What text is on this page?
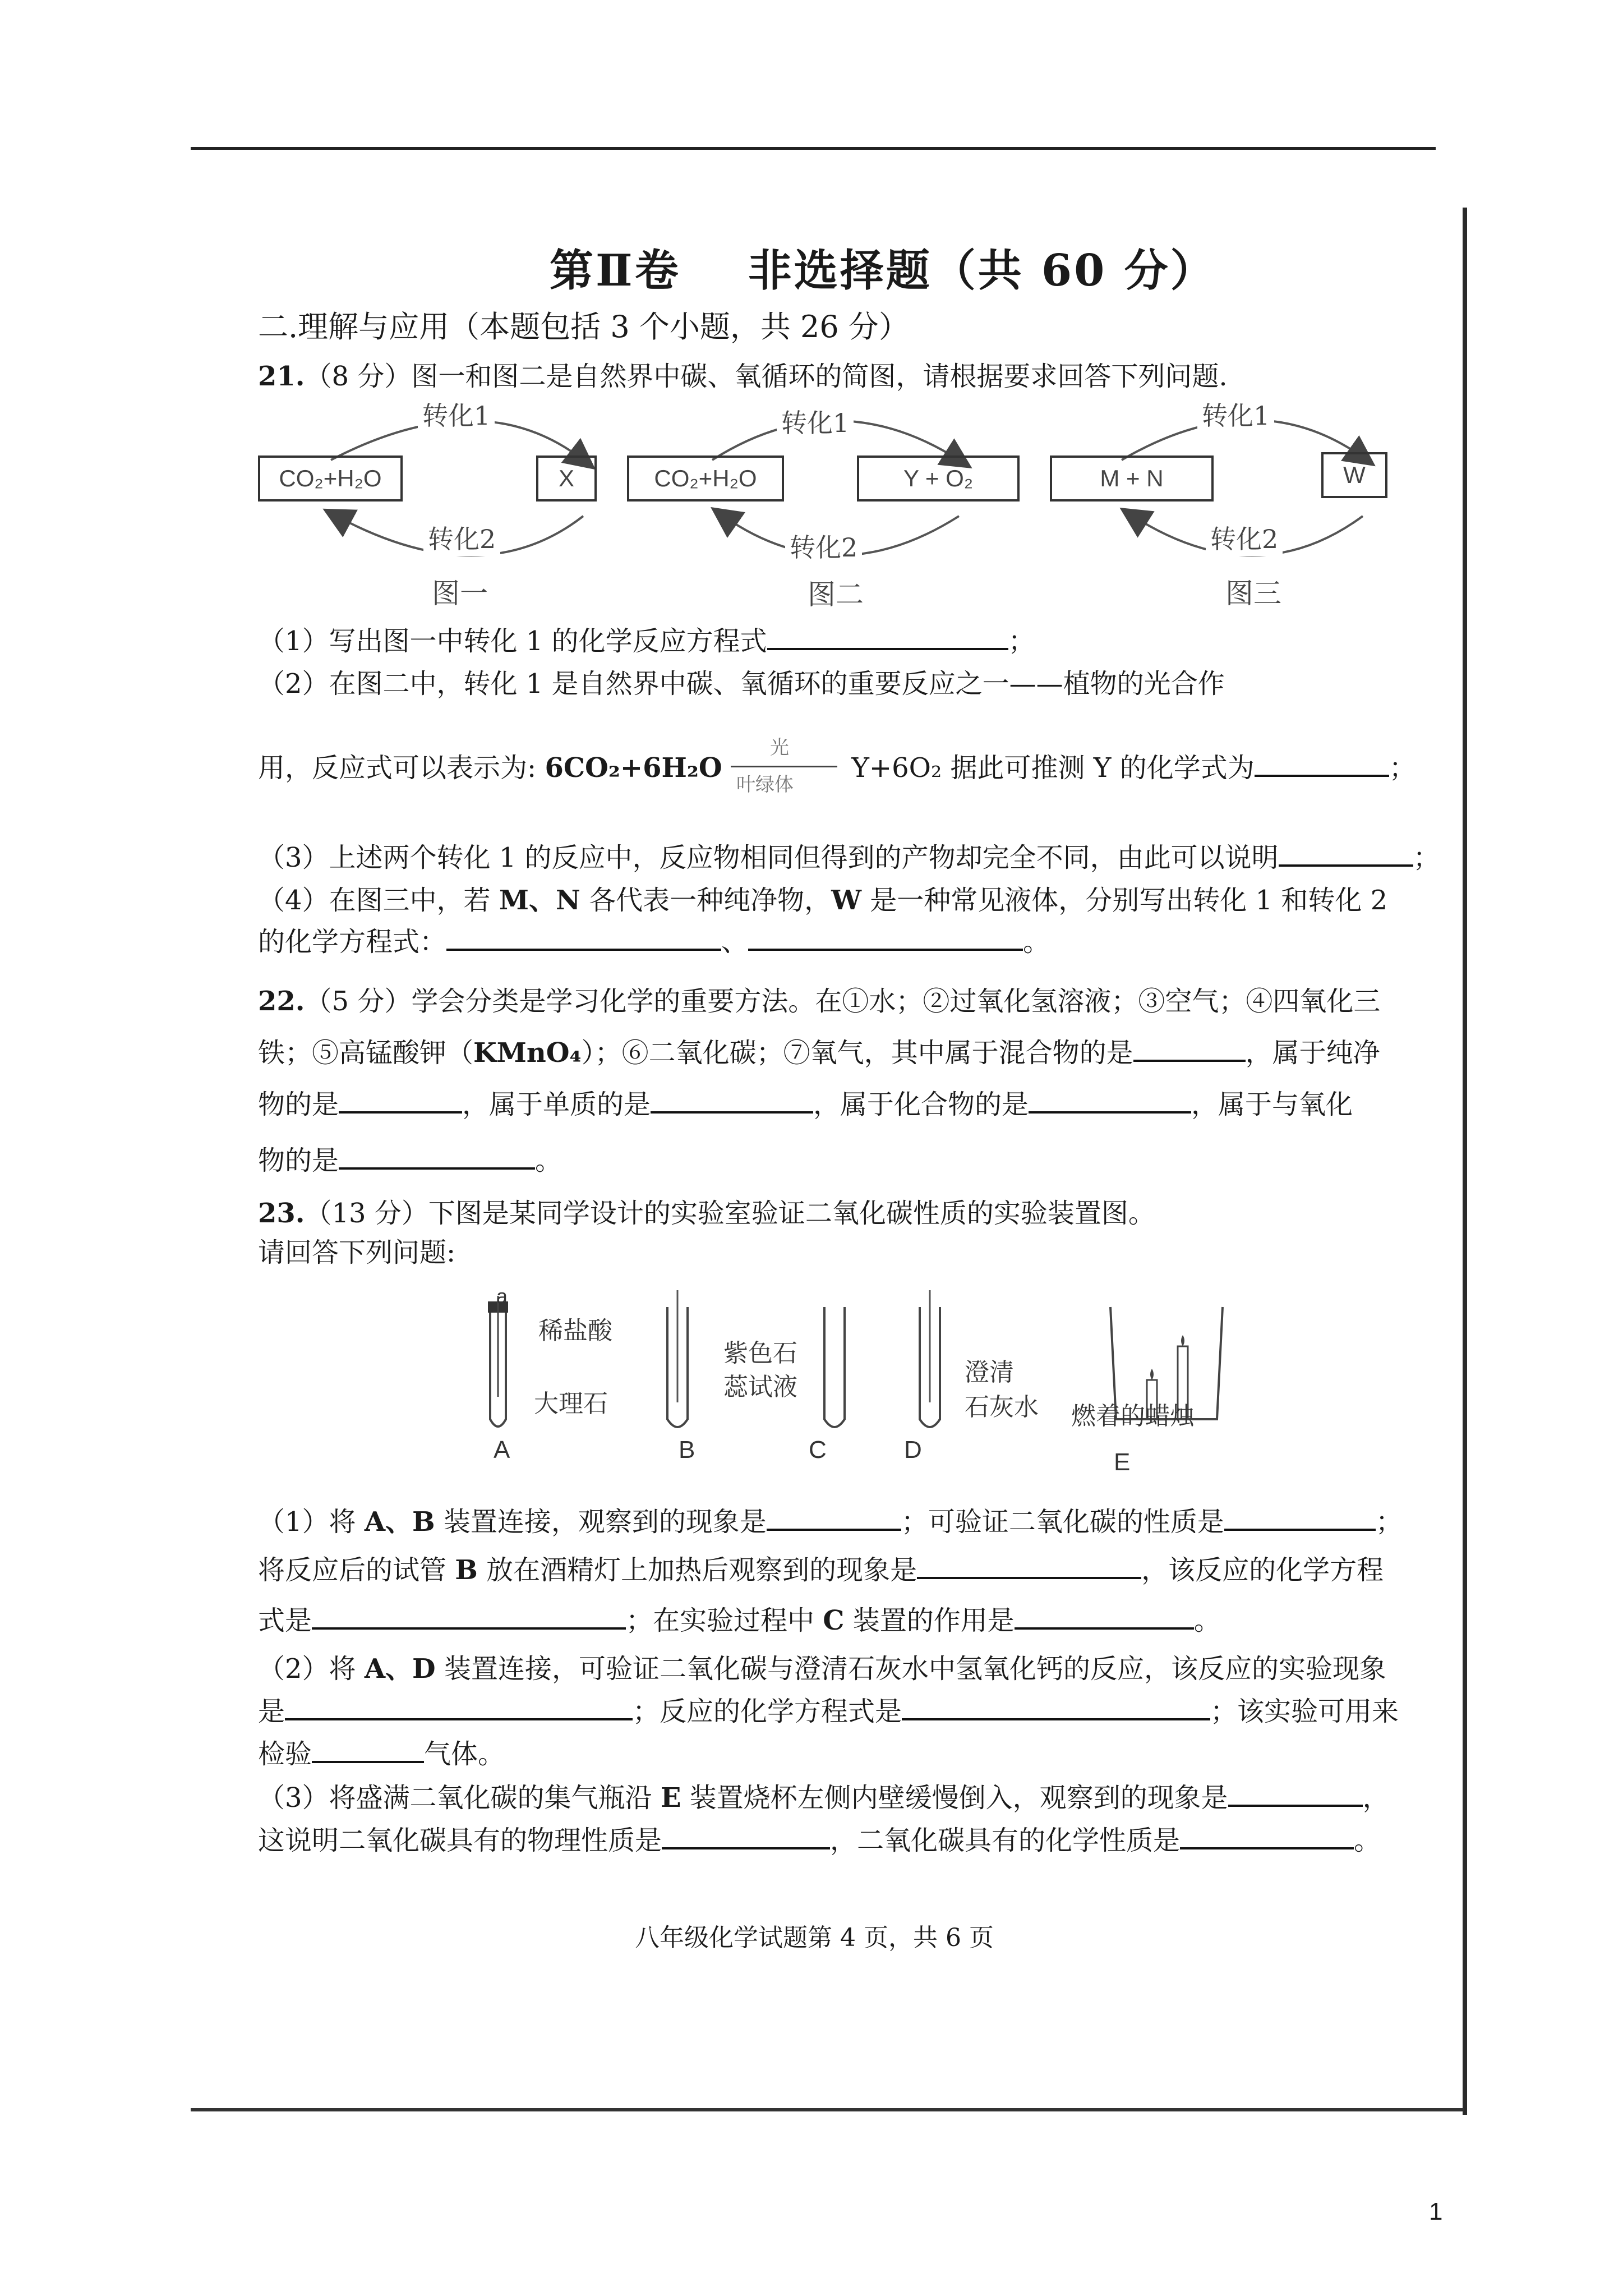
第Ⅱ卷 非选择题（共 60 分）
二.理解与应用（本题包括 3 个小题，共 26 分）
21.（8 分）图一和图二是自然界中碳、氧循环的简图，请根据要求回答下列问题.
CO₂+H₂O	X
转化1
转化2
图一
CO₂+H₂O	Y + O₂
转化1
转化2
图二
M + N	W
转化1
转化2
图三
（1）写出图一中转化 1 的化学反应方程式	；
（2）在图二中，转化 1 是自然界中碳、氧循环的重要反应之一——植物的光合作
用，反应式可以表示为: 6CO₂+6H₂O
光
叶绿体
Y+6O₂ 据此可推测 Y 的化学式为	；
（3）上述两个转化 1 的反应中，反应物相同但得到的产物却完全不同，由此可以说明	；
（4）在图三中，若 M、N 各代表一种纯净物，W 是一种常见液体，分别写出转化 1 和转化 2
的化学方程式：	、	。
22.（5 分）学会分类是学习化学的重要方法。在①水；②过氧化氢溶液；③空气；④四氧化三
铁；⑤高锰酸钾（KMnO₄）；⑥二氧化碳；⑦氧气，其中属于混合物的是	，属于纯净
物的是	，属于单质的是	，属于化合物的是	，属于与氧化
物的是	。
23.（13 分）下图是某同学设计的实验室验证二氧化碳性质的实验装置图。
请回答下列问题:
a
稀盐酸
大理石
紫色石
蕊试液
澄清
石灰水 燃着的蜡烛
A	B	C	D	E
（1）将 A、B 装置连接，观察到的现象是	；可验证二氧化碳的性质是	；
将反应后的试管 B 放在酒精灯上加热后观察到的现象是	，该反应的化学方程
式是	；在实验过程中 C 装置的作用是	。
（2）将 A、D 装置连接，可验证二氧化碳与澄清石灰水中氢氧化钙的反应，该反应的实验现象
是	；反应的化学方程式是	；该实验可用来
检验	气体。
（3）将盛满二氧化碳的集气瓶沿 E 装置烧杯左侧内壁缓慢倒入，观察到的现象是	，
这说明二氧化碳具有的物理性质是	，二氧化碳具有的化学性质是	。
八年级化学试题第 4 页，共 6 页
1
